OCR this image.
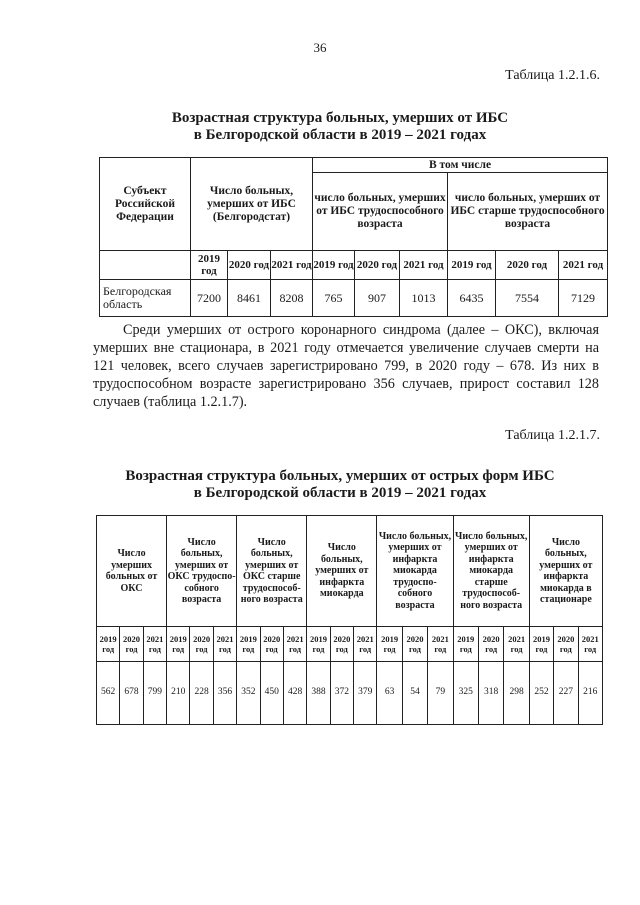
36
Таблица 1.2.1.6.
Возрастная структура больных, умерших от ИБС
в Белгородской области в 2019 – 2021 годах
Субъект Российской Федерации	Число больных, умерших от ИБС (Белгородстат)			В том числе					
				число больных, умерших от ИБС трудоспособного возраста			число больных, умерших от ИБС старше трудоспособного возраста		
	2019 год	2020 год	2021 год	2019 год	2020 год	2021 год	2019 год	2020 год	2021 год
Белгородская область	7200	8461	8208	765	907	1013	6435	7554	7129

Среди умерших от острого коронарного синдрома (далее – ОКС), включая умерших вне стационара, в 2021 году отмечается увеличение случаев смерти на 121 человек, всего случаев зарегистрировано 799, в 2020 году – 678. Из них в трудоспособном возрасте зарегистрировано 356 случаев, прирост составил 128 случаев (таблица 1.2.1.7).

Таблица 1.2.1.7.
Возрастная структура больных, умерших от острых форм ИБС
в Белгородской области в 2019 – 2021 годах
Число умерших больных от ОКС			Число больных, умерших от ОКС трудоспо-собного возраста			Число больных, умерших от ОКС старше трудоспособ-ного возраста			Число больных, умерших от инфаркта миокарда			Число больных, умерших от инфаркта миокарда трудоспо-собного возраста			Число больных, умерших от инфаркта миокарда старше трудоспособ-ного возраста			Число больных, умерших от инфаркта миокарда в стационаре		
2019 год	2020 год	2021 год	2019 год	2020 год	2021 год	2019 год	2020 год	2021 год	2019 год	2020 год	2021 год	2019 год	2020 год	2021 год	2019 год	2020 год	2021 год	2019 год	2020 год	2021 год
562	678	799	210	228	356	352	450	428	388	372	379	63	54	79	325	318	298	252	227	216
